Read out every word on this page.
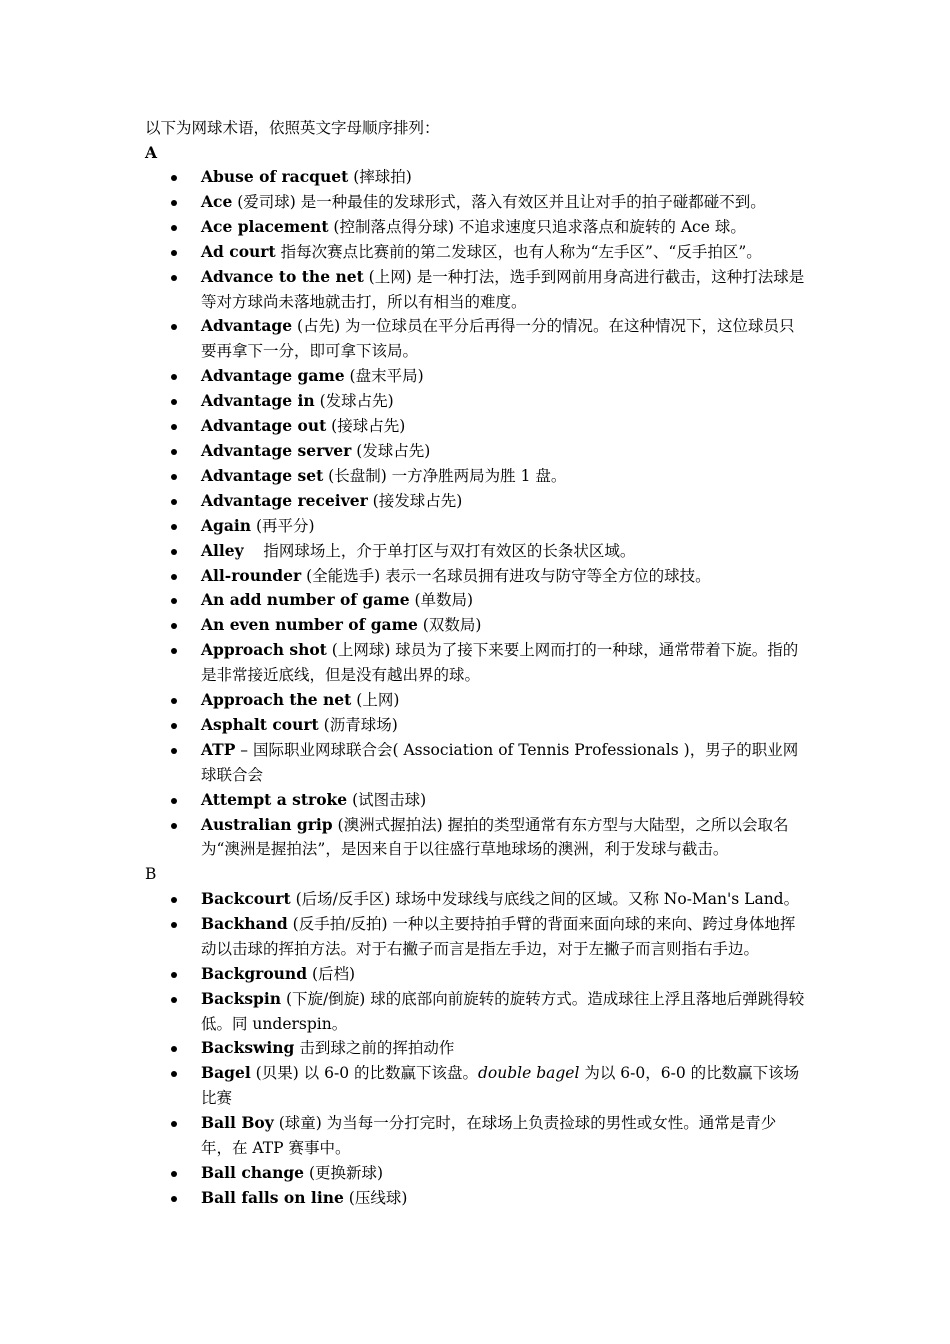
以下为网球术语，依照英文字母顺序排列：
A
Abuse of racquet (摔球拍)
Ace (爱司球) 是一种最佳的发球形式，落入有效区并且让对手的拍子碰都碰不到。
Ace placement (控制落点得分球) 不追求速度只追求落点和旋转的 Ace 球。
Ad court 指每次赛点比赛前的第二发球区，也有人称为“左手区”、“反手拍区”。
Advance to the net (上网) 是一种打法，选手到网前用身高进行截击，这种打法球是等对方球尚未落地就击打，所以有相当的难度。
Advantage (占先) 为一位球员在平分后再得一分的情况。在这种情况下，这位球员只要再拿下一分，即可拿下该局。
Advantage game (盘末平局)
Advantage in (发球占先)
Advantage out (接球占先)
Advantage server (发球占先)
Advantage set (长盘制) 一方净胜两局为胜 1 盘。
Advantage receiver (接发球占先)
Again (再平分)
Alley    指网球场上，介于单打区与双打有效区的长条状区域。
All-rounder (全能选手) 表示一名球员拥有进攻与防守等全方位的球技。
An add number of game (单数局)
An even number of game (双数局)
Approach shot (上网球) 球员为了接下来要上网而打的一种球，通常带着下旋。指的是非常接近底线，但是没有越出界的球。
Approach the net (上网)
Asphalt court (沥青球场)
ATP – 国际职业网球联合会( Association of Tennis Professionals )，男子的职业网球联合会
Attempt a stroke (试图击球)
Australian grip (澳洲式握拍法) 握拍的类型通常有东方型与大陆型，之所以会取名为“澳洲是握拍法”，是因来自于以往盛行草地球场的澳洲，利于发球与截击。
B
Backcourt (后场/反手区) 球场中发球线与底线之间的区域。又称 No-Man's Land。
Backhand (反手拍/反拍) 一种以主要持拍手臂的背面来面向球的来向、跨过身体地挥动以击球的挥拍方法。对于右撇子而言是指左手边，对于左撇子而言则指右手边。
Background (后档)
Backspin (下旋/倒旋) 球的底部向前旋转的旋转方式。造成球往上浮且落地后弹跳得较低。同 underspin。
Backswing 击到球之前的挥拍动作
Bagel (贝果) 以 6-0 的比数赢下该盘。double bagel 为以 6-0，6-0 的比数赢下该场比赛
Ball Boy (球童) 为当每一分打完时，在球场上负责捡球的男性或女性。通常是青少年，在 ATP 赛事中。
Ball change (更换新球)
Ball falls on line (压线球)
